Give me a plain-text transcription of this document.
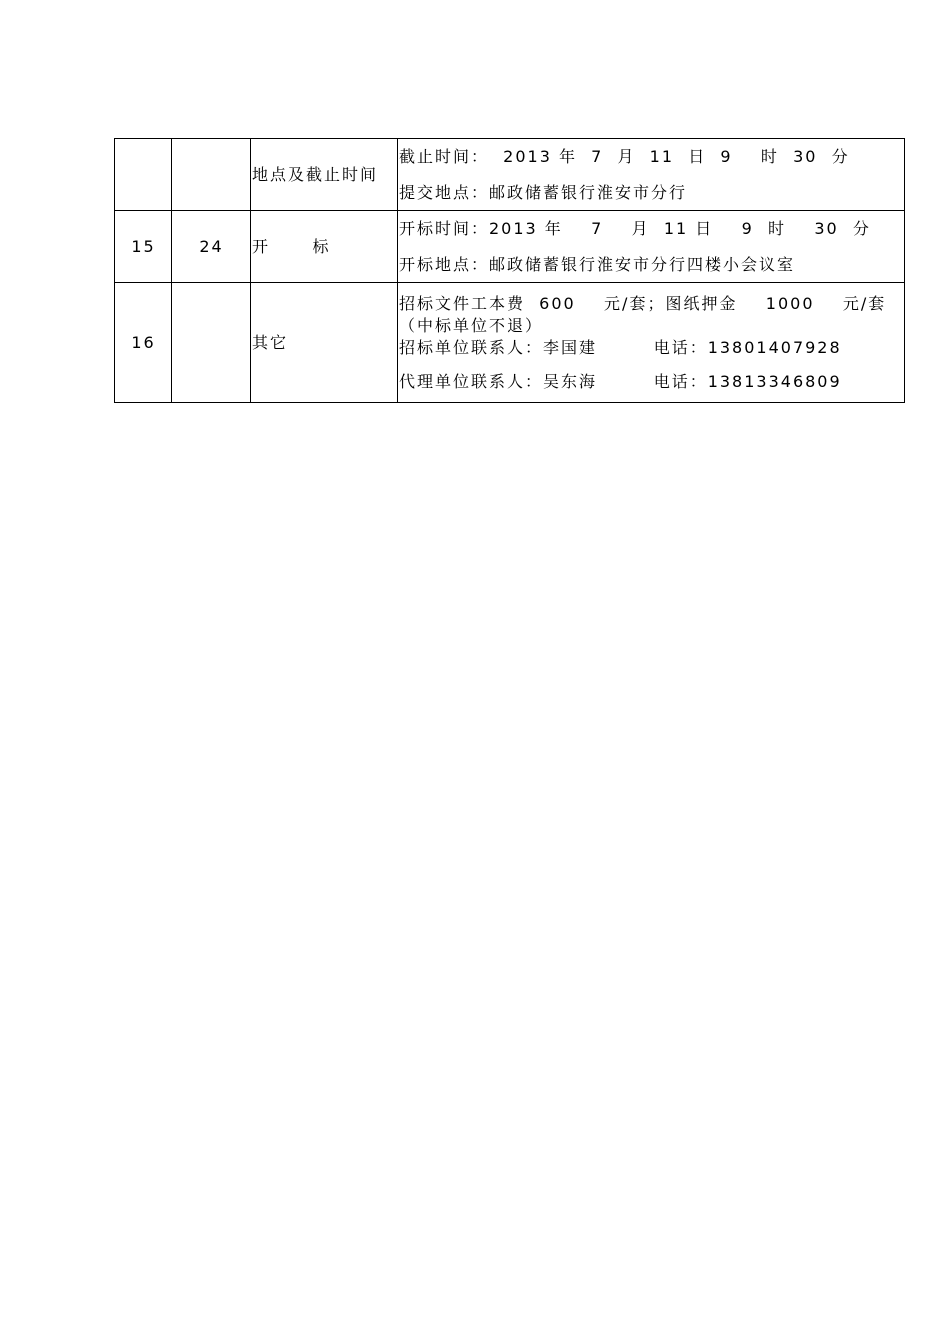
		地点及截止时间	截止时间：  2013 年  7  月  11  日  9    时  30  分
提交地点：邮政储蓄银行淮安市分行

15	24	开      标	开标时间：2013 年    7    月  11 日    9  时    30  分
开标地点：邮政储蓄银行淮安市分行四楼小会议室

16		其它	招标文件工本费  600    元/套；图纸押金    1000    元/套（中标单位不退）
招标单位联系人：李国建        电话：13801407928
代理单位联系人：吴东海        电话：13813346809
